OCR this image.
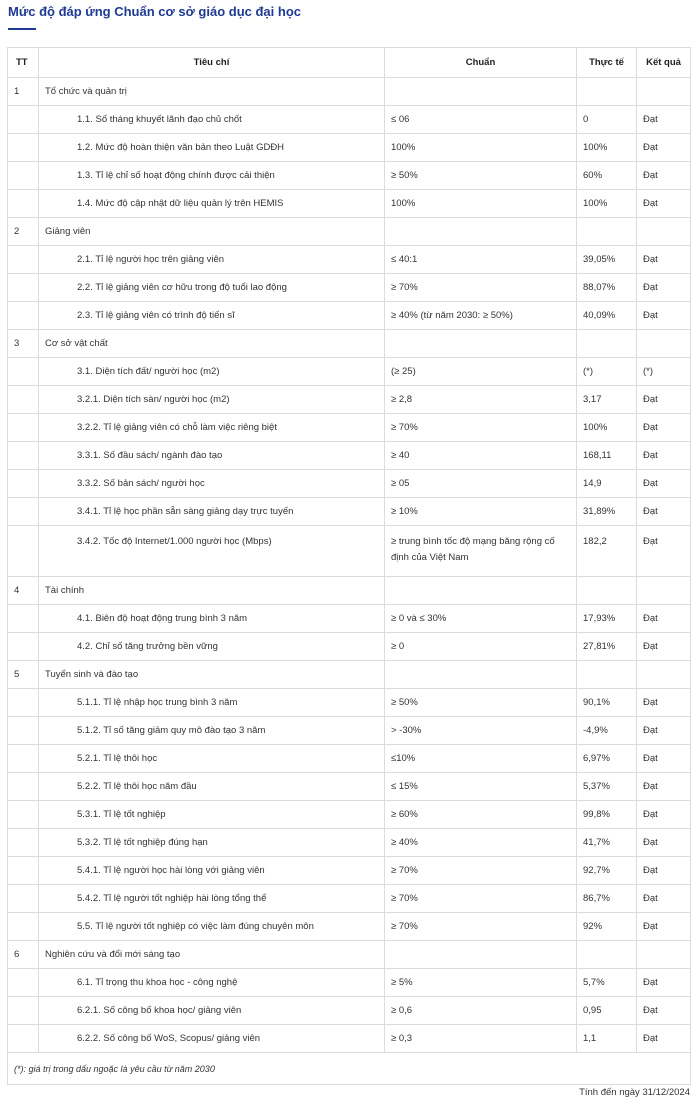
Mức độ đáp ứng Chuẩn cơ sở giáo dục đại học
TT	Tiêu chí	Chuẩn	Thực tế	Kết quả
1	Tổ chức và quản trị			
	1.1. Số tháng khuyết lãnh đạo chủ chốt	≤ 06	0	Đạt
	1.2. Mức độ hoàn thiện văn bản theo Luật GDĐH	100%	100%	Đạt
	1.3. Tỉ lệ chỉ số hoạt động chính được cải thiện	≥ 50%	60%	Đạt
	1.4. Mức độ cập nhật dữ liệu quản lý trên HEMIS	100%	100%	Đạt
2	Giảng viên			
	2.1. Tỉ lệ người học trên giảng viên	≤ 40:1	39,05%	Đạt
	2.2. Tỉ lệ giảng viên cơ hữu trong độ tuổi lao động	≥ 70%	88,07%	Đạt
	2.3. Tỉ lệ giảng viên có trình độ tiến sĩ	≥ 40% (từ năm 2030: ≥ 50%)	40,09%	Đạt
3	Cơ sở vật chất			
	3.1. Diện tích đất/ người học (m2)	(≥ 25)	(*)	(*)
	3.2.1. Diện tích sàn/ người học (m2)	≥ 2,8	3,17	Đạt
	3.2.2. Tỉ lệ giảng viên có chỗ làm việc riêng biệt	≥ 70%	100%	Đạt
	3.3.1. Số đầu sách/ ngành đào tạo	≥ 40	168,11	Đạt
	3.3.2. Số bản sách/ người học	≥ 05	14,9	Đạt
	3.4.1. Tỉ lệ học phần sẵn sàng giảng dạy trực tuyến	≥ 10%	31,89%	Đạt
	3.4.2. Tốc độ Internet/1.000 người học (Mbps)	≥ trung bình tốc độ mạng băng rộng cố định của Việt Nam	182,2	Đạt
4	Tài chính			
	4.1. Biên độ hoạt động trung bình 3 năm	≥ 0 và ≤ 30%	17,93%	Đạt
	4.2. Chỉ số tăng trưởng bền vững	≥ 0	27,81%	Đạt
5	Tuyển sinh và đào tạo			
	5.1.1. Tỉ lệ nhập học trung bình 3 năm	≥ 50%	90,1%	Đạt
	5.1.2. Tỉ số tăng giảm quy mô đào tạo 3 năm	> -30%	-4,9%	Đạt
	5.2.1. Tỉ lệ thôi học	≤10%	6,97%	Đạt
	5.2.2. Tỉ lệ thôi học năm đầu	≤ 15%	5,37%	Đạt
	5.3.1. Tỉ lệ tốt nghiệp	≥ 60%	99,8%	Đạt
	5.3.2. Tỉ lệ tốt nghiệp đúng hạn	≥ 40%	41,7%	Đạt
	5.4.1. Tỉ lệ người học hài lòng với giảng viên	≥ 70%	92,7%	Đạt
	5.4.2. Tỉ lệ người tốt nghiệp hài lòng tổng thể	≥ 70%	86,7%	Đạt
	5.5. Tỉ lệ người tốt nghiệp có việc làm đúng chuyên môn	≥ 70%	92%	Đạt
6	Nghiên cứu và đổi mới sáng tạo			
	6.1. Tỉ trọng thu khoa học - công nghệ	≥ 5%	5,7%	Đạt
	6.2.1. Số công bố khoa học/ giảng viên	≥ 0,6	0,95	Đạt
	6.2.2. Số công bố WoS, Scopus/ giảng viên	≥ 0,3	1,1	Đạt
(*): giá trị trong dấu ngoặc là yêu cầu từ năm 2030				
Tính đến ngày 31/12/2024
